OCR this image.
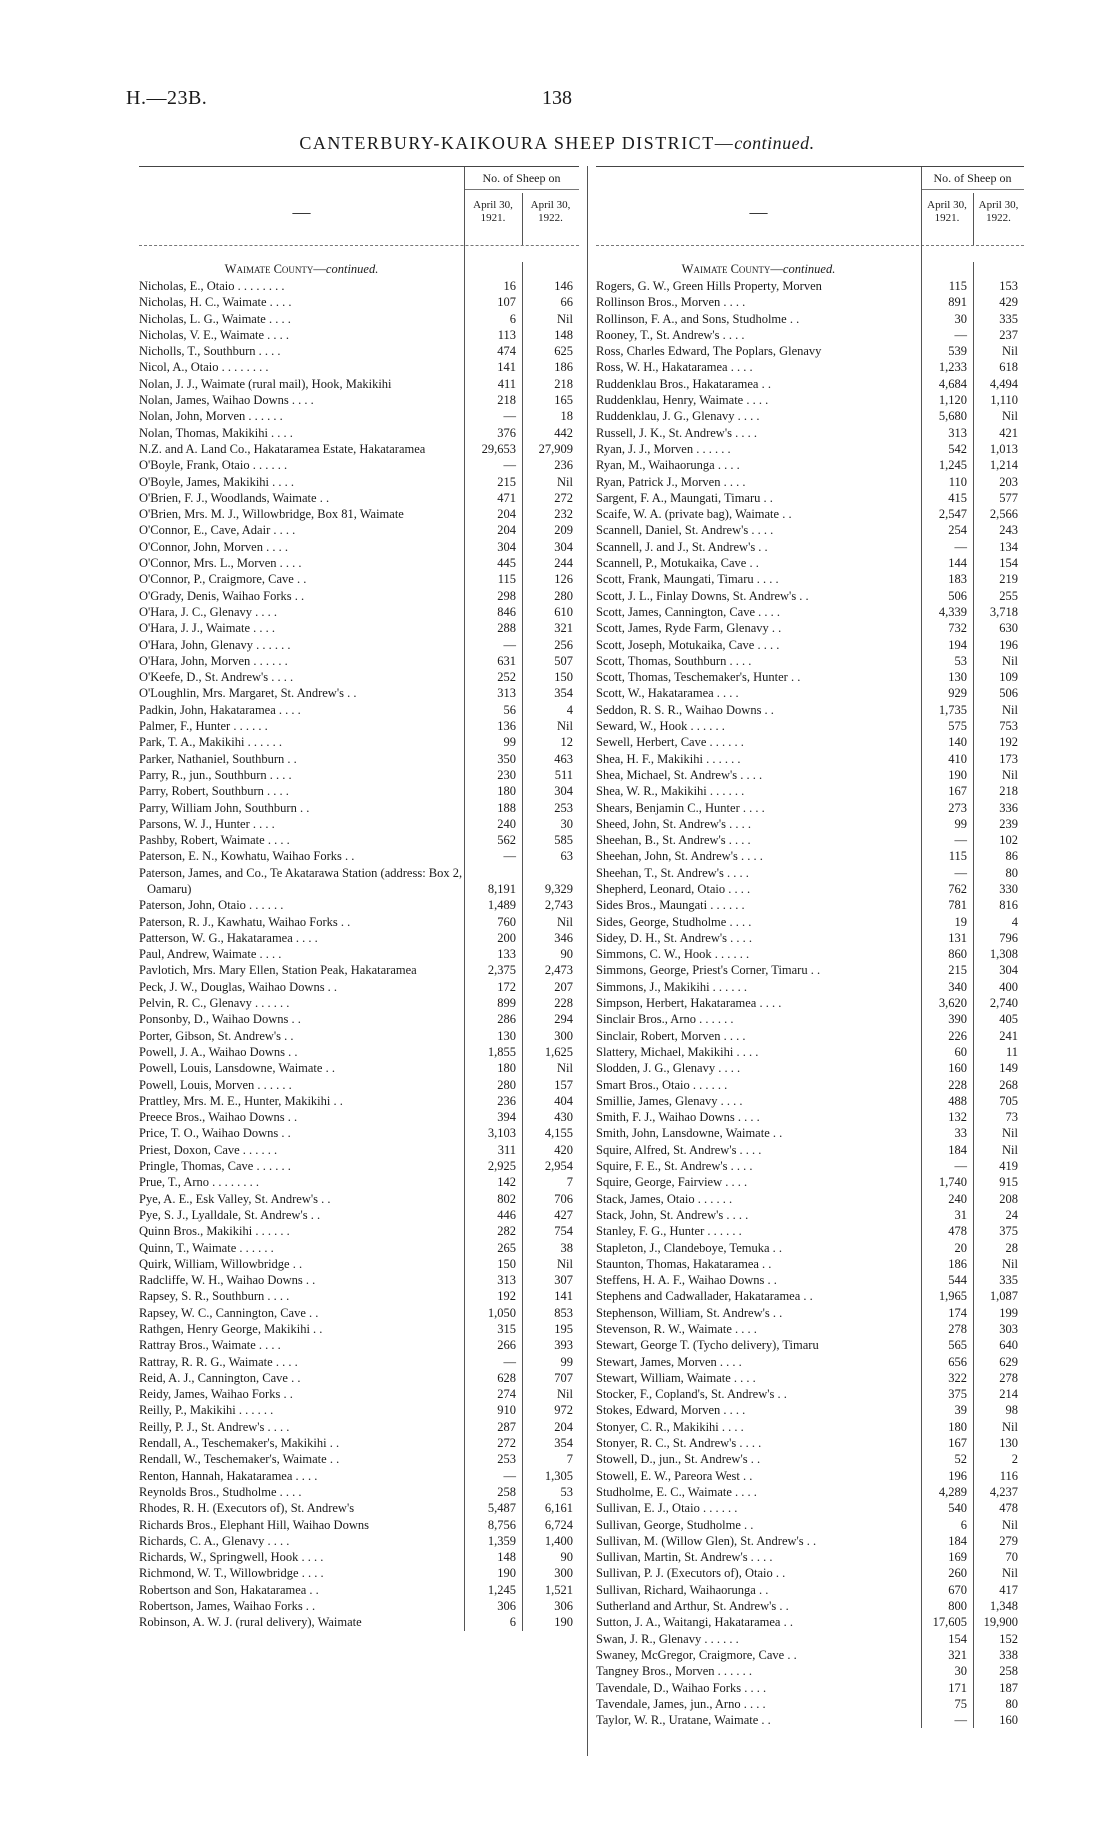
H.—23B.	138
CANTERBURY-KAIKOURA SHEEP DISTRICT—continued.
—
No. of Sheep on
April 30, 1921.
April 30, 1922.
Waimate County—continued.
Nicholas, E., Otaio . . . . . . . .	16	146
Nicholas, H. C., Waimate . . . .	107	66
Nicholas, L. G., Waimate . . . .	6	Nil
Nicholas, V. E., Waimate . . . .	113	148
Nicholls, T., Southburn . . . .	474	625
Nicol, A., Otaio . . . . . . . .	141	186
Nolan, J. J., Waimate (rural mail), Hook, Makikihi	411	218
Nolan, James, Waihao Downs . . . .	218	165
Nolan, John, Morven . . . . . .	—	18
Nolan, Thomas, Makikihi . . . .	376	442
N.Z. and A. Land Co., Hakataramea Estate, Hakataramea	29,653	27,909
O'Boyle, Frank, Otaio . . . . . .	—	236
O'Boyle, James, Makikihi . . . .	215	Nil
O'Brien, F. J., Woodlands, Waimate . .	471	272
O'Brien, Mrs. M. J., Willowbridge, Box 81, Waimate	204	232
O'Connor, E., Cave, Adair . . . .	204	209
O'Connor, John, Morven . . . .	304	304
O'Connor, Mrs. L., Morven . . . .	445	244
O'Connor, P., Craigmore, Cave . .	115	126
O'Grady, Denis, Waihao Forks . .	298	280
O'Hara, J. C., Glenavy . . . .	846	610
O'Hara, J. J., Waimate . . . .	288	321
O'Hara, John, Glenavy . . . . . .	—	256
O'Hara, John, Morven . . . . . .	631	507
O'Keefe, D., St. Andrew's . . . .	252	150
O'Loughlin, Mrs. Margaret, St. Andrew's . .	313	354
Padkin, John, Hakataramea . . . .	56	4
Palmer, F., Hunter . . . . . .	136	Nil
Park, T. A., Makikihi . . . . . .	99	12
Parker, Nathaniel, Southburn . .	350	463
Parry, R., jun., Southburn . . . .	230	511
Parry, Robert, Southburn . . . .	180	304
Parry, William John, Southburn . .	188	253
Parsons, W. J., Hunter . . . .	240	30
Pashby, Robert, Waimate . . . .	562	585
Paterson, E. N., Kowhatu, Waihao Forks . .	—	63
Paterson, James, and Co., Te Akatarawa Station (address: Box 2, Oamaru)	8,191	9,329
Paterson, John, Otaio . . . . . .	1,489	2,743
Paterson, R. J., Kawhatu, Waihao Forks . .	760	Nil
Patterson, W. G., Hakataramea . . . .	200	346
Paul, Andrew, Waimate . . . .	133	90
Pavlotich, Mrs. Mary Ellen, Station Peak, Hakataramea	2,375	2,473
Peck, J. W., Douglas, Waihao Downs . .	172	207
Pelvin, R. C., Glenavy . . . . . .	899	228
Ponsonby, D., Waihao Downs . .	286	294
Porter, Gibson, St. Andrew's . .	130	300
Powell, J. A., Waihao Downs . .	1,855	1,625
Powell, Louis, Lansdowne, Waimate . .	180	Nil
Powell, Louis, Morven . . . . . .	280	157
Prattley, Mrs. M. E., Hunter, Makikihi . .	236	404
Preece Bros., Waihao Downs . .	394	430
Price, T. O., Waihao Downs . .	3,103	4,155
Priest, Doxon, Cave . . . . . .	311	420
Pringle, Thomas, Cave . . . . . .	2,925	2,954
Prue, T., Arno . . . . . . . .	142	7
Pye, A. E., Esk Valley, St. Andrew's . .	802	706
Pye, S. J., Lyalldale, St. Andrew's . .	446	427
Quinn Bros., Makikihi . . . . . .	282	754
Quinn, T., Waimate . . . . . .	265	38
Quirk, William, Willowbridge . .	150	Nil
Radcliffe, W. H., Waihao Downs . .	313	307
Rapsey, S. R., Southburn . . . .	192	141
Rapsey, W. C., Cannington, Cave . .	1,050	853
Rathgen, Henry George, Makikihi . .	315	195
Rattray Bros., Waimate . . . .	266	393
Rattray, R. R. G., Waimate . . . .	—	99
Reid, A. J., Cannington, Cave . .	628	707
Reidy, James, Waihao Forks . .	274	Nil
Reilly, P., Makikihi . . . . . .	910	972
Reilly, P. J., St. Andrew's . . . .	287	204
Rendall, A., Teschemaker's, Makikihi . .	272	354
Rendall, W., Teschemaker's, Waimate . .	253	7
Renton, Hannah, Hakataramea . . . .	—	1,305
Reynolds Bros., Studholme . . . .	258	53
Rhodes, R. H. (Executors of), St. Andrew's	5,487	6,161
Richards Bros., Elephant Hill, Waihao Downs	8,756	6,724
Richards, C. A., Glenavy . . . .	1,359	1,400
Richards, W., Springwell, Hook . . . .	148	90
Richmond, W. T., Willowbridge . . . .	190	300
Robertson and Son, Hakataramea . .	1,245	1,521
Robertson, James, Waihao Forks . .	306	306
Robinson, A. W. J. (rural delivery), Waimate	6	190
—
No. of Sheep on
April 30, 1921.
April 30, 1922.
Waimate County—continued.
Rogers, G. W., Green Hills Property, Morven	115	153
Rollinson Bros., Morven . . . .	891	429
Rollinson, F. A., and Sons, Studholme . .	30	335
Rooney, T., St. Andrew's . . . .	—	237
Ross, Charles Edward, The Poplars, Glenavy	539	Nil
Ross, W. H., Hakataramea . . . .	1,233	618
Ruddenklau Bros., Hakataramea . .	4,684	4,494
Ruddenklau, Henry, Waimate . . . .	1,120	1,110
Ruddenklau, J. G., Glenavy . . . .	5,680	Nil
Russell, J. K., St. Andrew's . . . .	313	421
Ryan, J. J., Morven . . . . . .	542	1,013
Ryan, M., Waihaorunga . . . .	1,245	1,214
Ryan, Patrick J., Morven . . . .	110	203
Sargent, F. A., Maungati, Timaru . .	415	577
Scaife, W. A. (private bag), Waimate . .	2,547	2,566
Scannell, Daniel, St. Andrew's . . . .	254	243
Scannell, J. and J., St. Andrew's . .	—	134
Scannell, P., Motukaika, Cave . .	144	154
Scott, Frank, Maungati, Timaru . . . .	183	219
Scott, J. L., Finlay Downs, St. Andrew's . .	506	255
Scott, James, Cannington, Cave . . . .	4,339	3,718
Scott, James, Ryde Farm, Glenavy . .	732	630
Scott, Joseph, Motukaika, Cave . . . .	194	196
Scott, Thomas, Southburn . . . .	53	Nil
Scott, Thomas, Teschemaker's, Hunter . .	130	109
Scott, W., Hakataramea . . . .	929	506
Seddon, R. S. R., Waihao Downs . .	1,735	Nil
Seward, W., Hook . . . . . .	575	753
Sewell, Herbert, Cave . . . . . .	140	192
Shea, H. F., Makikihi . . . . . .	410	173
Shea, Michael, St. Andrew's . . . .	190	Nil
Shea, W. R., Makikihi . . . . . .	167	218
Shears, Benjamin C., Hunter . . . .	273	336
Sheed, John, St. Andrew's . . . .	99	239
Sheehan, B., St. Andrew's . . . .	—	102
Sheehan, John, St. Andrew's . . . .	115	86
Sheehan, T., St. Andrew's . . . .	—	80
Shepherd, Leonard, Otaio . . . .	762	330
Sides Bros., Maungati . . . . . .	781	816
Sides, George, Studholme . . . .	19	4
Sidey, D. H., St. Andrew's . . . .	131	796
Simmons, C. W., Hook . . . . . .	860	1,308
Simmons, George, Priest's Corner, Timaru . .	215	304
Simmons, J., Makikihi . . . . . .	340	400
Simpson, Herbert, Hakataramea . . . .	3,620	2,740
Sinclair Bros., Arno . . . . . .	390	405
Sinclair, Robert, Morven . . . .	226	241
Slattery, Michael, Makikihi . . . .	60	11
Slodden, J. G., Glenavy . . . .	160	149
Smart Bros., Otaio . . . . . .	228	268
Smillie, James, Glenavy . . . .	488	705
Smith, F. J., Waihao Downs . . . .	132	73
Smith, John, Lansdowne, Waimate . .	33	Nil
Squire, Alfred, St. Andrew's . . . .	184	Nil
Squire, F. E., St. Andrew's . . . .	—	419
Squire, George, Fairview . . . .	1,740	915
Stack, James, Otaio . . . . . .	240	208
Stack, John, St. Andrew's . . . .	31	24
Stanley, F. G., Hunter . . . . . .	478	375
Stapleton, J., Clandeboye, Temuka . .	20	28
Staunton, Thomas, Hakataramea . .	186	Nil
Steffens, H. A. F., Waihao Downs . .	544	335
Stephens and Cadwallader, Hakataramea . .	1,965	1,087
Stephenson, William, St. Andrew's . .	174	199
Stevenson, R. W., Waimate . . . .	278	303
Stewart, George T. (Tycho delivery), Timaru	565	640
Stewart, James, Morven . . . .	656	629
Stewart, William, Waimate . . . .	322	278
Stocker, F., Copland's, St. Andrew's . .	375	214
Stokes, Edward, Morven . . . .	39	98
Stonyer, C. R., Makikihi . . . .	180	Nil
Stonyer, R. C., St. Andrew's . . . .	167	130
Stowell, D., jun., St. Andrew's . .	52	2
Stowell, E. W., Pareora West . .	196	116
Studholme, E. C., Waimate . . . .	4,289	4,237
Sullivan, E. J., Otaio . . . . . .	540	478
Sullivan, George, Studholme . .	6	Nil
Sullivan, M. (Willow Glen), St. Andrew's . .	184	279
Sullivan, Martin, St. Andrew's . . . .	169	70
Sullivan, P. J. (Executors of), Otaio . .	260	Nil
Sullivan, Richard, Waihaorunga . .	670	417
Sutherland and Arthur, St. Andrew's . .	800	1,348
Sutton, J. A., Waitangi, Hakataramea . .	17,605	19,900
Swan, J. R., Glenavy . . . . . .	154	152
Swaney, McGregor, Craigmore, Cave . .	321	338
Tangney Bros., Morven . . . . . .	30	258
Tavendale, D., Waihao Forks . . . .	171	187
Tavendale, James, jun., Arno . . . .	75	80
Taylor, W. R., Uratane, Waimate . .	—	160
